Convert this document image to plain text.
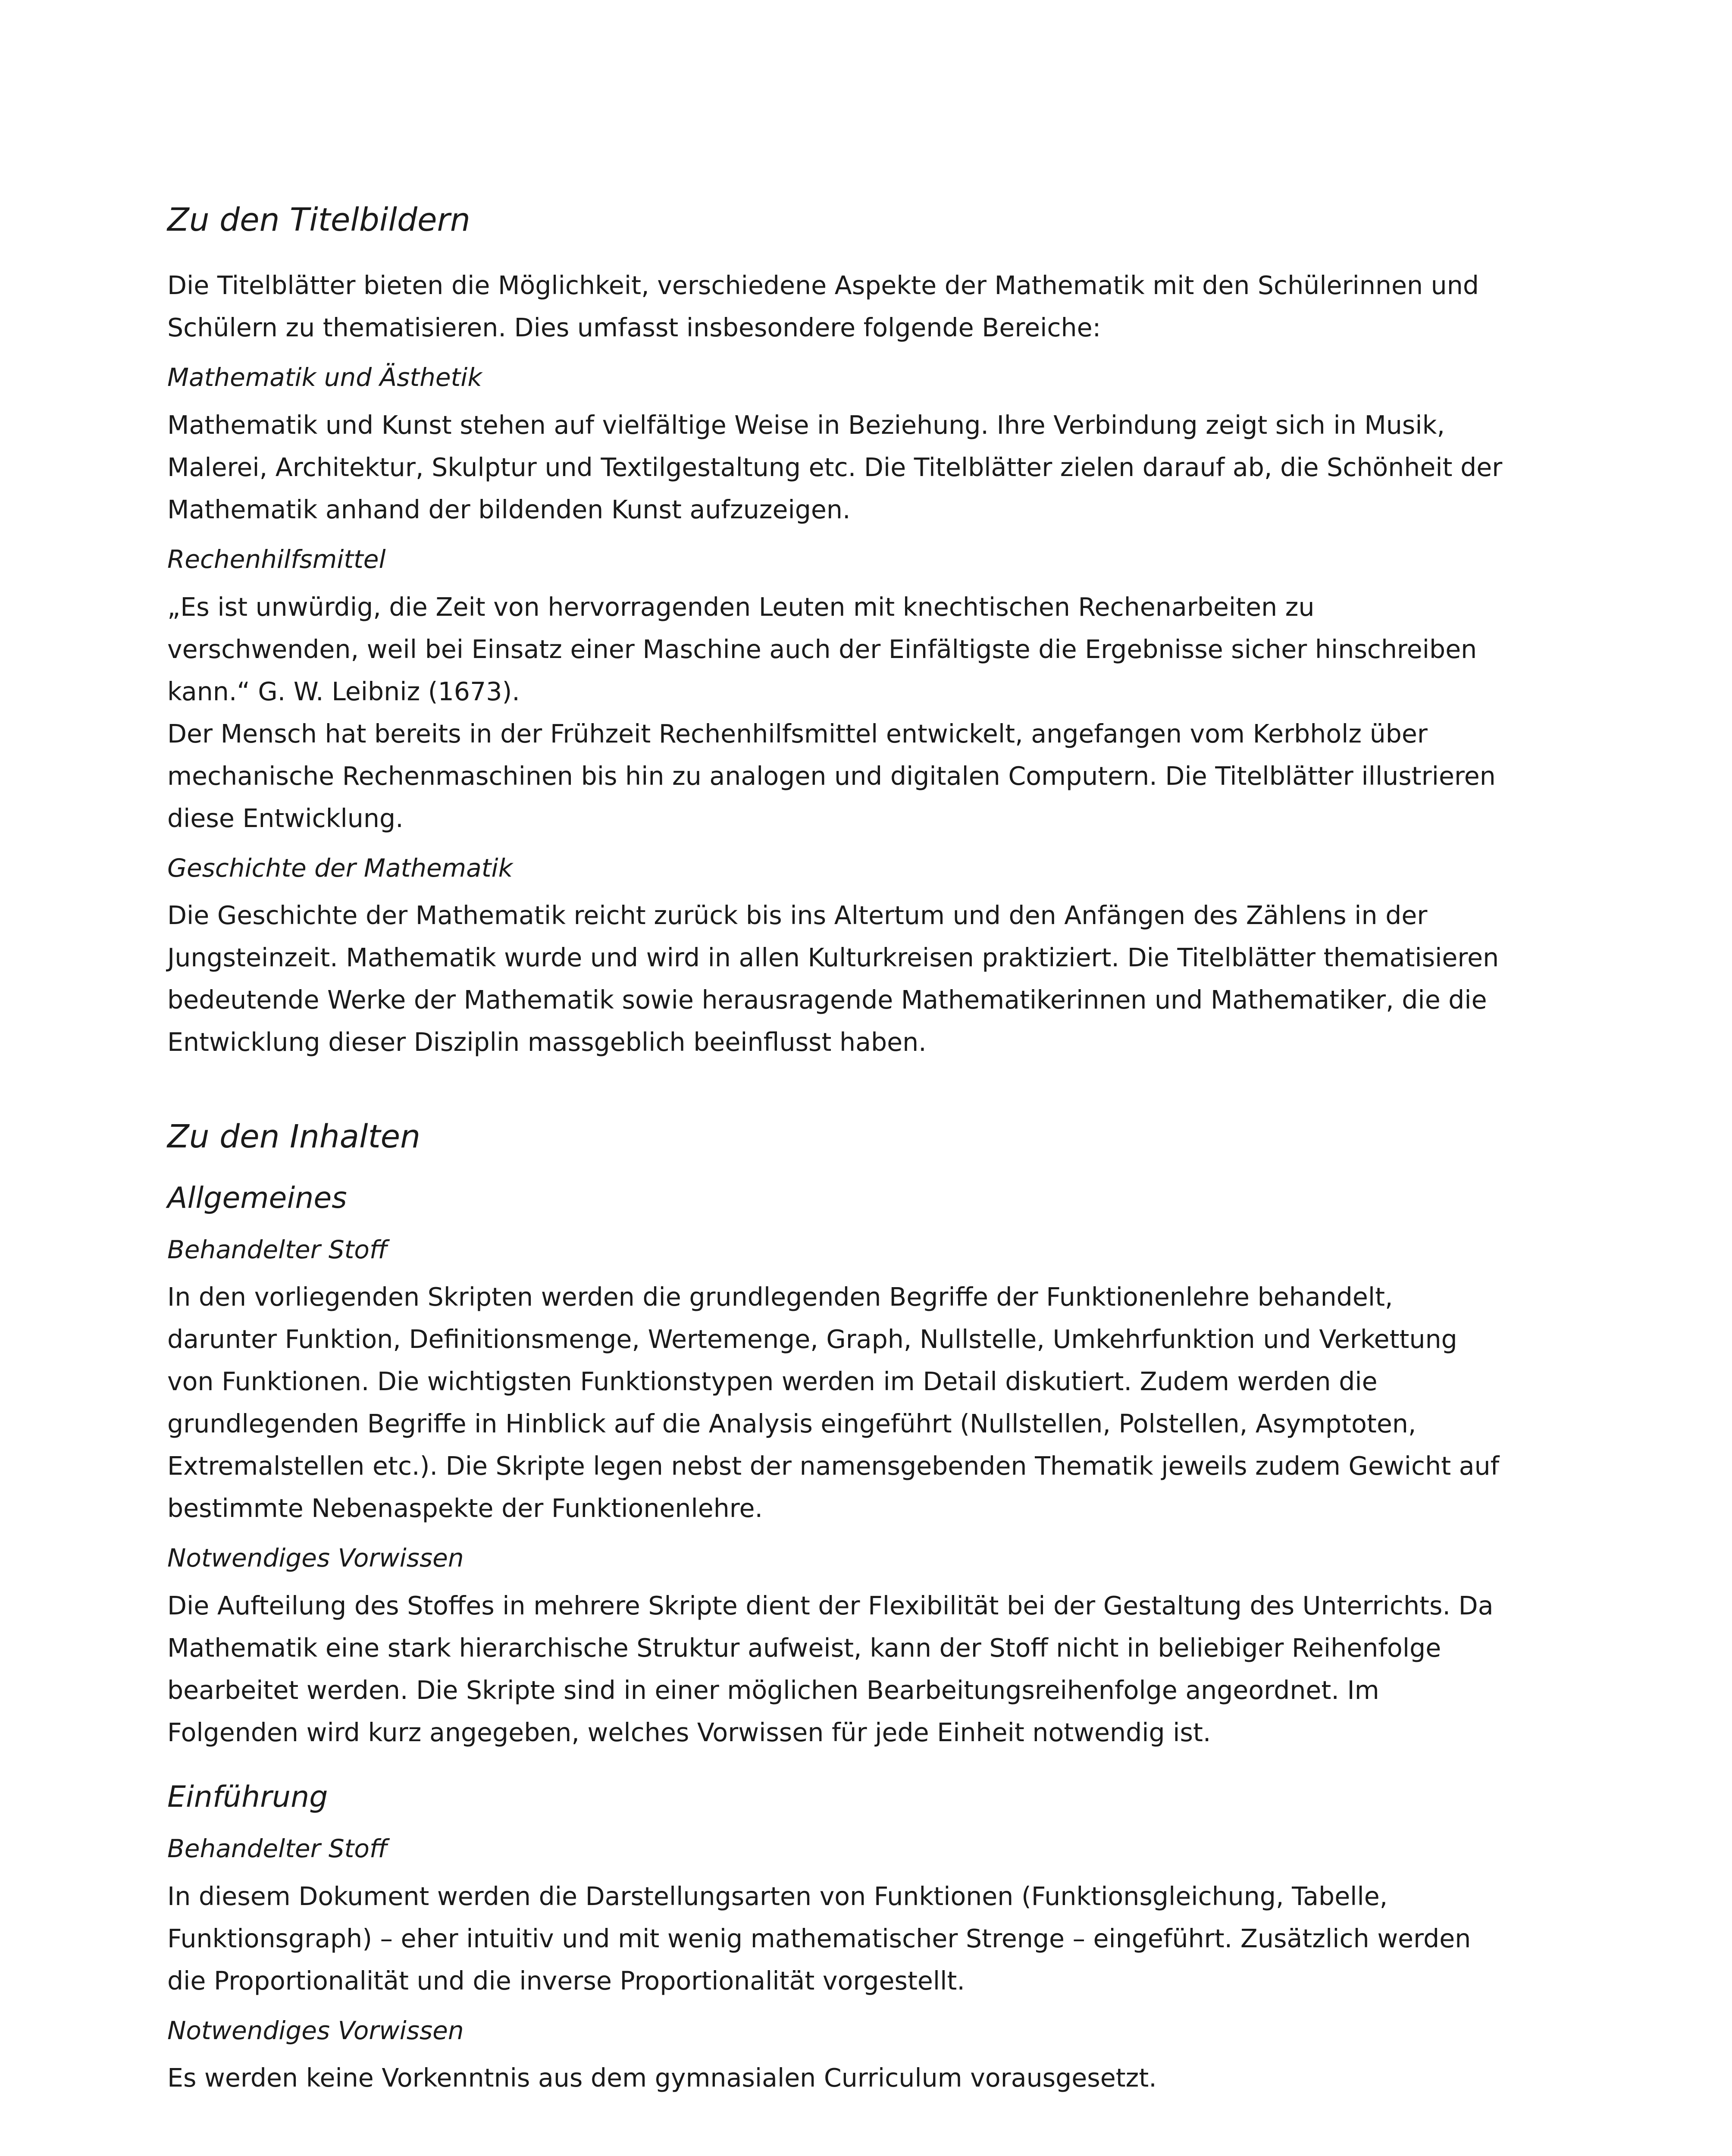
Zu den Titelbildern

Die Titelblätter bieten die Möglichkeit, verschiedene Aspekte der Mathematik mit den Schülerinnen und Schülern zu thematisieren. Dies umfasst insbesondere folgende Bereiche:

Mathematik und Ästhetik

Mathematik und Kunst stehen auf vielfältige Weise in Beziehung. Ihre Verbindung zeigt sich in Musik, Malerei, Architektur, Skulptur und Textilgestaltung etc. Die Titelblätter zielen darauf ab, die Schönheit der Mathematik anhand der bildenden Kunst aufzuzeigen.

Rechenhilfsmittel

„Es ist unwürdig, die Zeit von hervorragenden Leuten mit knechtischen Rechenarbeiten zu verschwenden, weil bei Einsatz einer Maschine auch der Einfältigste die Ergebnisse sicher hinschreiben kann.“ G. W. Leibniz (1673).

Der Mensch hat bereits in der Frühzeit Rechenhilfsmittel entwickelt, angefangen vom Kerbholz über mechanische Rechenmaschinen bis hin zu analogen und digitalen Computern. Die Titelblätter illustrieren diese Entwicklung.

Geschichte der Mathematik

Die Geschichte der Mathematik reicht zurück bis ins Altertum und den Anfängen des Zählens in der Jungsteinzeit. Mathematik wurde und wird in allen Kulturkreisen praktiziert. Die Titelblätter thematisieren bedeutende Werke der Mathematik sowie herausragende Mathematikerinnen und Mathematiker, die die Entwicklung dieser Disziplin massgeblich beeinflusst haben.

Zu den Inhalten
Allgemeines
Behandelter Stoff

In den vorliegenden Skripten werden die grundlegenden Begriffe der Funktionenlehre behandelt, darunter Funktion, Definitionsmenge, Wertemenge, Graph, Nullstelle, Umkehrfunktion und Verkettung von Funktionen. Die wichtigsten Funktionstypen werden im Detail diskutiert. Zudem werden die grundlegenden Begriffe in Hinblick auf die Analysis eingeführt (Nullstellen, Polstellen, Asymptoten, Extremalstellen etc.). Die Skripte legen nebst der namensgebenden Thematik jeweils zudem Gewicht auf bestimmte Nebenaspekte der Funktionenlehre.

Notwendiges Vorwissen

Die Aufteilung des Stoffes in mehrere Skripte dient der Flexibilität bei der Gestaltung des Unterrichts. Da Mathematik eine stark hierarchische Struktur aufweist, kann der Stoff nicht in beliebiger Reihenfolge bearbeitet werden. Die Skripte sind in einer möglichen Bearbeitungsreihenfolge angeordnet. Im Folgenden wird kurz angegeben, welches Vorwissen für jede Einheit notwendig ist.

Einführung
Behandelter Stoff

In diesem Dokument werden die Darstellungsarten von Funktionen (Funktionsgleichung, Tabelle, Funktionsgraph) – eher intuitiv und mit wenig mathematischer Strenge – eingeführt. Zusätzlich werden die Proportionalität und die inverse Proportionalität vorgestellt.

Notwendiges Vorwissen

Es werden keine Vorkenntnis aus dem gymnasialen Curriculum vorausgesetzt.
